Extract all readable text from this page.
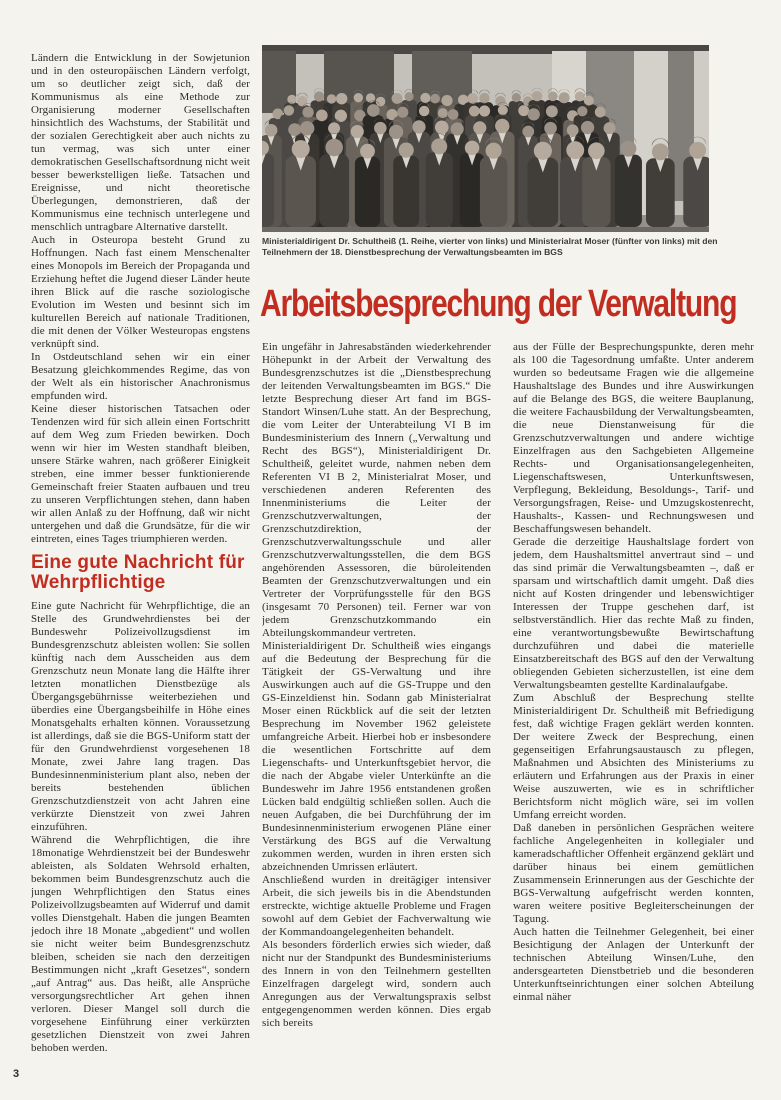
Ministerialdirigent Dr. Schultheiß (1. Reihe, vierter von links) und Ministerialrat Moser (fünfter von links) mit den Teilnehmern der 18. Dienstbesprechung der Verwaltungsbeamten im BGS
Arbeitsbesprechung der Verwaltung

Ländern die Entwicklung in der Sowjetunion und in den osteuropäischen Ländern verfolgt, um so deutlicher zeigt sich, daß der Kommunismus als eine Methode zur Organisierung moderner Gesellschaften hinsichtlich des Wachstums, der Stabilität und der sozialen Gerechtigkeit aber auch nichts zu tun vermag, was sich unter einer demokratischen Gesellschaftsordnung nicht weit besser bewerkstelligen ließe. Tatsachen und Ereignisse, und nicht theoretische Überlegungen, demonstrieren, daß der Kommunismus eine technisch unterlegene und menschlich untragbare Alternative darstellt.

Auch in Osteuropa besteht Grund zu Hoffnungen. Nach fast einem Menschenalter eines Monopols im Bereich der Propaganda und Erziehung heftet die Jugend dieser Länder heute ihren Blick auf die rasche soziologische Evolution im Westen und besinnt sich im kulturellen Bereich auf nationale Traditionen, die mit denen der Völker Westeuropas engstens verknüpft sind.

In Ostdeutschland sehen wir ein einer Besatzung gleichkommendes Regime, das von der Welt als ein historischer Anachronismus empfunden wird.

Keine dieser historischen Tatsachen oder Tendenzen wird für sich allein einen Fortschritt auf dem Weg zum Frieden bewirken. Doch wenn wir hier im Westen standhaft bleiben, unsere Stärke wahren, nach größerer Einigkeit streben, eine immer besser funktionierende Gemeinschaft freier Staaten aufbauen und treu zu unseren Verpflichtungen stehen, dann haben wir allen Anlaß zu der Hoffnung, daß wir nicht untergehen und daß die Grundsätze, für die wir eintreten, eines Tages triumphieren werden.

Eine gute Nachricht für Wehrpflichtige

Eine gute Nachricht für Wehrpflichtige, die an Stelle des Grundwehrdienstes bei der Bundeswehr Polizeivollzugsdienst im Bundesgrenzschutz ableisten wollen: Sie sollen künftig nach dem Ausscheiden aus dem Grenzschutz neun Monate lang die Hälfte ihrer letzten monatlichen Dienstbezüge als Übergangsgebührnisse weiterbeziehen und überdies eine Übergangsbeihilfe in Höhe eines Monatsgehalts erhalten können. Voraussetzung ist allerdings, daß sie die BGS-Uniform statt der für den Grundwehrdienst vorgesehenen 18 Monate, zwei Jahre lang tragen. Das Bundesinnenministerium plant also, neben der bereits bestehenden üblichen Grenzschutzdienstzeit von acht Jahren eine verkürzte Dienstzeit von zwei Jahren einzuführen.

Während die Wehrpflichtigen, die ihre 18monatige Wehrdienstzeit bei der Bundeswehr ableisten, als Soldaten Wehrsold erhalten, bekommen beim Bundesgrenzschutz auch die jungen Wehrpflichtigen den Status eines Polizeivollzugsbeamten auf Widerruf und damit volles Dienstgehalt. Haben die jungen Beamten jedoch ihre 18 Monate „abgedient“ und wollen sie nicht weiter beim Bundesgrenzschutz bleiben, scheiden sie nach den derzeitigen Bestimmungen nicht „kraft Gesetzes“, sondern „auf Antrag“ aus. Das heißt, alle Ansprüche versorgungsrechtlicher Art gehen ihnen verloren. Dieser Mangel soll durch die vorgesehene Einführung einer verkürzten gesetzlichen Dienstzeit von zwei Jahren behoben werden.

Ein ungefähr in Jahresabständen wiederkehrender Höhepunkt in der Arbeit der Verwaltung des Bundesgrenzschutzes ist die „Dienstbesprechung der leitenden Verwaltungsbeamten im BGS.“ Die letzte Besprechung dieser Art fand im BGS-Standort Winsen/Luhe statt. An der Besprechung, die vom Leiter der Unterabteilung VI B im Bundesministerium des Innern („Verwaltung und Recht des BGS“), Ministerialdirigent Dr. Schultheiß, geleitet wurde, nahmen neben dem Referenten VI B 2, Ministerialrat Moser, und verschiedenen anderen Referenten des Innenministeriums die Leiter der Grenzschutzverwaltungen, der Grenzschutzdirektion, der Grenzschutzverwaltungsschule und aller Grenzschutzverwaltungsstellen, die dem BGS angehörenden Assessoren, die büroleitenden Beamten der Grenzschutzverwaltungen und ein Vertreter der Vorprüfungsstelle für den BGS (insgesamt 70 Personen) teil. Ferner war von jedem Grenzschutzkommando ein Abteilungskommandeur vertreten.

Ministerialdirigent Dr. Schultheiß wies eingangs auf die Bedeutung der Besprechung für die Tätigkeit der GS-Verwaltung und ihre Auswirkungen auch auf die GS-Truppe und den GS-Einzeldienst hin. Sodann gab Ministerialrat Moser einen Rückblick auf die seit der letzten Besprechung im November 1962 geleistete umfangreiche Arbeit. Hierbei hob er insbesondere die wesentlichen Fortschritte auf dem Liegenschafts- und Unterkunftsgebiet hervor, die die nach der Abgabe vieler Unterkünfte an die Bundeswehr im Jahre 1956 entstandenen großen Lücken bald endgültig schließen sollen. Auch die neuen Aufgaben, die bei Durchführung der im Bundesinnenministerium erwogenen Pläne einer Verstärkung des BGS auf die Verwaltung zukommen werden, wurden in ihren ersten sich abzeichnenden Umrissen erläutert.

Anschließend wurden in dreitägiger intensiver Arbeit, die sich jeweils bis in die Abendstunden erstreckte, wichtige aktuelle Probleme und Fragen sowohl auf dem Gebiet der Fachverwaltung wie der Kommandoangelegenheiten behandelt.

Als besonders förderlich erwies sich wieder, daß nicht nur der Standpunkt des Bundesministeriums des Innern in von den Teilnehmern gestellten Einzelfragen dargelegt wird, sondern auch Anregungen aus der Verwaltungspraxis selbst entgegengenommen werden können. Dies ergab sich bereits

aus der Fülle der Besprechungspunkte, deren mehr als 100 die Tagesordnung umfaßte. Unter anderem wurden so bedeutsame Fragen wie die allgemeine Haushaltslage des Bundes und ihre Auswirkungen auf die Belange des BGS, die weitere Bauplanung, die weitere Fachausbildung der Verwaltungsbeamten, die neue Dienstanweisung für die Grenzschutzverwaltungen und andere wichtige Einzelfragen aus den Sachgebieten Allgemeine Rechts- und Organisationsangelegenheiten, Liegenschaftswesen, Unterkunftswesen, Verpflegung, Bekleidung, Besoldungs-, Tarif- und Versorgungsfragen, Reise- und Umzugskostenrecht, Haushalts-, Kassen- und Rechnungswesen und Beschaffungswesen behandelt.

Gerade die derzeitige Haushaltslage fordert von jedem, dem Haushaltsmittel anvertraut sind – und das sind primär die Verwaltungsbeamten –, daß er sparsam und wirtschaftlich damit umgeht. Daß dies nicht auf Kosten dringender und lebenswichtiger Interessen der Truppe geschehen darf, ist selbstverständlich. Hier das rechte Maß zu finden, eine verantwortungsbewußte Bewirtschaftung durchzuführen und dabei die materielle Einsatzbereitschaft des BGS auf den der Verwaltung obliegenden Gebieten sicherzustellen, ist eine dem Verwaltungsbeamten gestellte Kardinalaufgabe.

Zum Abschluß der Besprechung stellte Ministerialdirigent Dr. Schultheiß mit Befriedigung fest, daß wichtige Fragen geklärt werden konnten. Der weitere Zweck der Besprechung, einen gegenseitigen Erfahrungsaustausch zu pflegen, Maßnahmen und Absichten des Ministeriums zu erläutern und Erfahrungen aus der Praxis in einer Weise auszuwerten, wie es in schriftlicher Berichtsform nicht möglich wäre, sei im vollen Umfang erreicht worden.

Daß daneben in persönlichen Gesprächen weitere fachliche Angelegenheiten in kollegialer und kameradschaftlicher Offenheit ergänzend geklärt und darüber hinaus bei einem gemütlichen Zusammensein Erinnerungen aus der Geschichte der BGS-Verwaltung aufgefrischt werden konnten, waren weitere positive Begleiterscheinungen der Tagung.

Auch hatten die Teilnehmer Gelegenheit, bei einer Besichtigung der Anlagen der Unterkunft der technischen Abteilung Winsen/Luhe, den andersgearteten Dienstbetrieb und die besonderen Unterkunftseinrichtungen einer solchen Abteilung einmal näher

3
